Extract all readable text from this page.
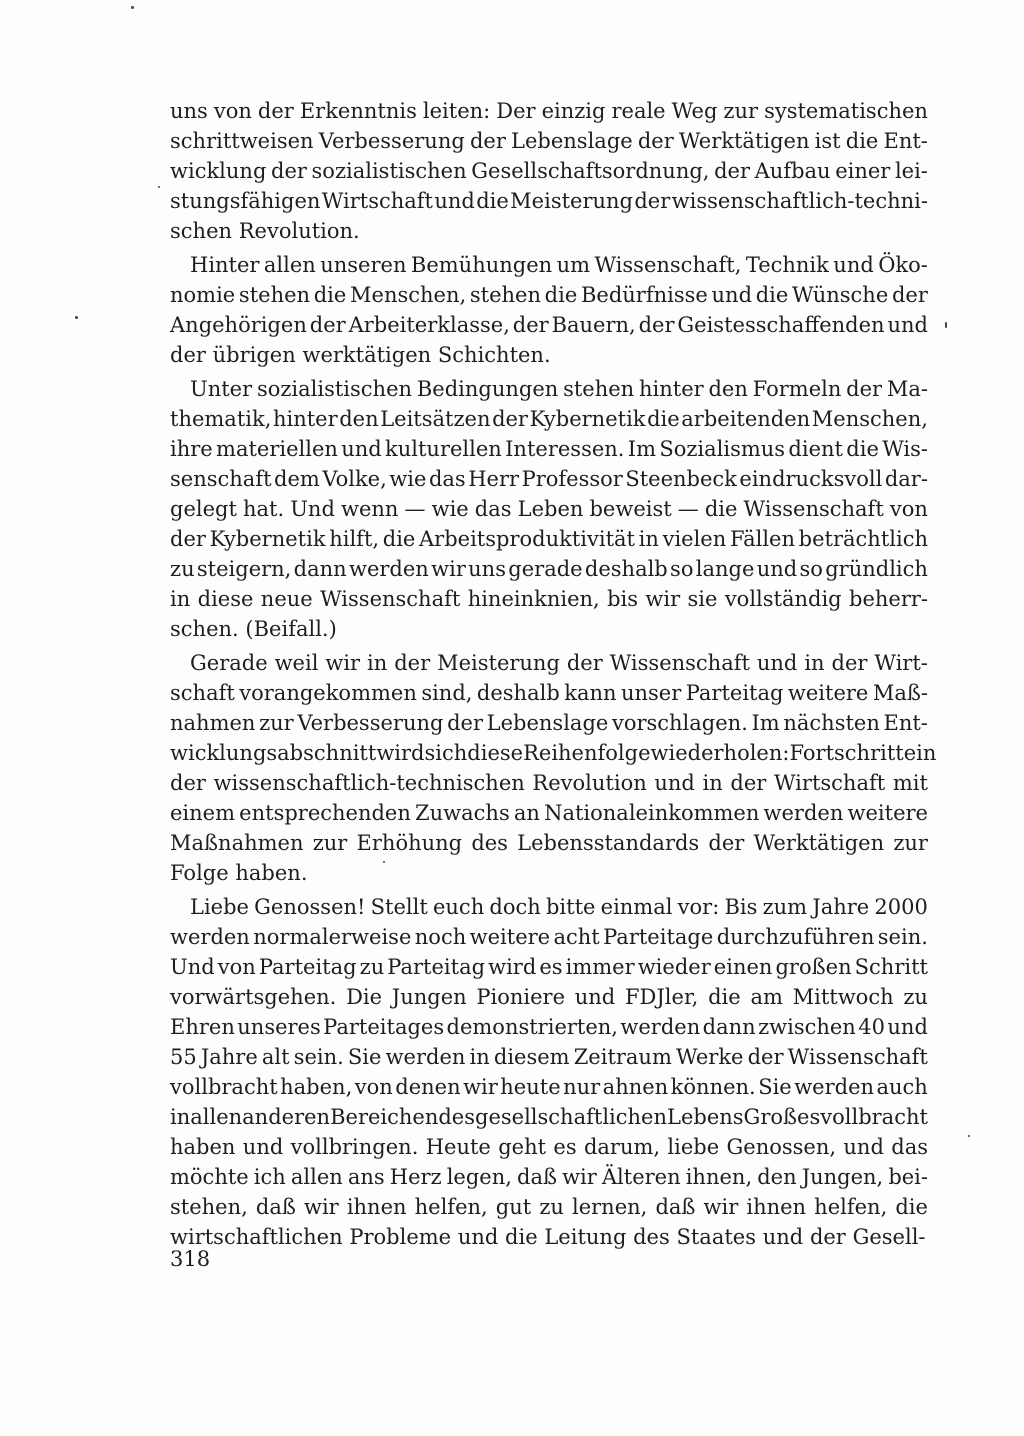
uns von der Erkenntnis leiten: Der einzig reale Weg zur systematischen
schrittweisen Verbesserung der Lebenslage der Werktätigen ist die Ent-
wicklung der sozialistischen Gesellschaftsordnung, der Aufbau einer lei-
stungsfähigen Wirtschaft und die Meisterung der wissenschaftlich-techni-
schen Revolution.
Hinter allen unseren Bemühungen um Wissenschaft, Technik und Öko-
nomie stehen die Menschen, stehen die Bedürfnisse und die Wünsche der
Angehörigen der Arbeiterklasse, der Bauern, der Geistesschaffenden und
der übrigen werktätigen Schichten.
Unter sozialistischen Bedingungen stehen hinter den Formeln der Ma-
thematik, hinter den Leitsätzen der Kybernetik die arbeitenden Menschen,
ihre materiellen und kulturellen Interessen. Im Sozialismus dient die Wis-
senschaft dem Volke, wie das Herr Professor Steenbeck eindrucksvoll dar-
gelegt hat. Und wenn — wie das Leben beweist — die Wissenschaft von
der Kybernetik hilft, die Arbeitsproduktivität in vielen Fällen beträchtlich
zu steigern, dann werden wir uns gerade deshalb so lange und so gründlich
in diese neue Wissenschaft hineinknien, bis wir sie vollständig beherr-
schen. (Beifall.)
Gerade weil wir in der Meisterung der Wissenschaft und in der Wirt-
schaft vorangekommen sind, deshalb kann unser Parteitag weitere Maß-
nahmen zur Verbesserung der Lebenslage vorschlagen. Im nächsten Ent-
wicklungsabschnitt wird sich diese Reihenfolge wiederholen: Fortschritte in
der wissenschaftlich-technischen Revolution und in der Wirtschaft mit
einem entsprechenden Zuwachs an Nationaleinkommen werden weitere
Maßnahmen zur Erhöhung des Lebensstandards der Werktätigen zur
Folge haben.
Liebe Genossen! Stellt euch doch bitte einmal vor: Bis zum Jahre 2000
werden normalerweise noch weitere acht Parteitage durchzuführen sein.
Und von Parteitag zu Parteitag wird es immer wieder einen großen Schritt
vorwärtsgehen. Die Jungen Pioniere und FDJler, die am Mittwoch zu
Ehren unseres Parteitages demonstrierten, werden dann zwischen 40 und
55 Jahre alt sein. Sie werden in diesem Zeitraum Werke der Wissenschaft
vollbracht haben, von denen wir heute nur ahnen können. Sie werden auch
in allen anderen Bereichen des gesellschaftlichen Lebens Großes vollbracht
haben und vollbringen. Heute geht es darum, liebe Genossen, und das
möchte ich allen ans Herz legen, daß wir Älteren ihnen, den Jungen, bei-
stehen, daß wir ihnen helfen, gut zu lernen, daß wir ihnen helfen, die
wirtschaftlichen Probleme und die Leitung des Staates und der Gesell-
318
